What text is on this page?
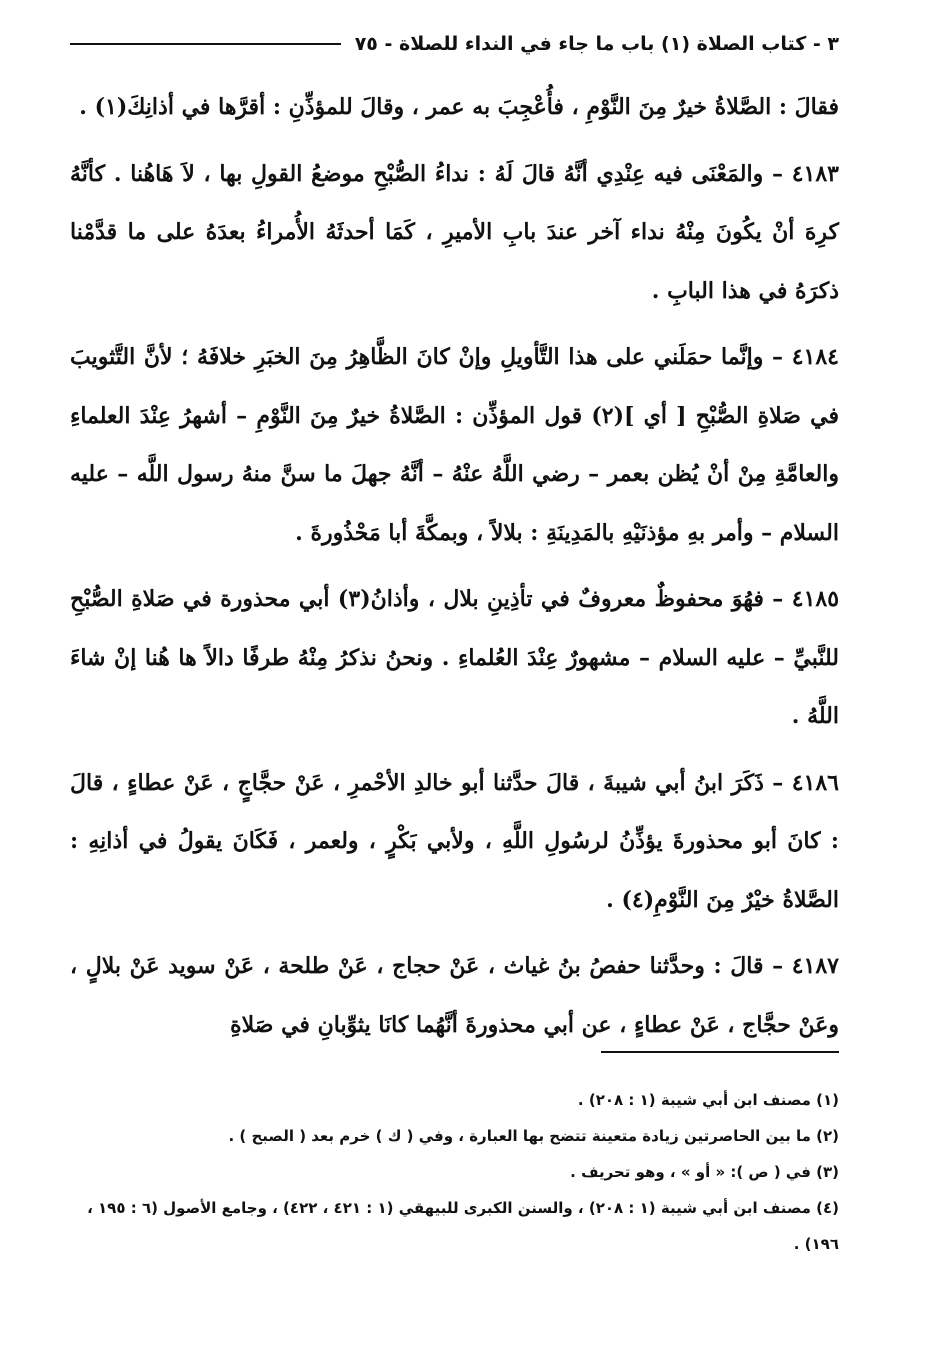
٣ - كتاب الصلاة (١) باب ما جاء في النداء للصلاة - ٧٥

فقالَ : الصَّلاةُ خيرٌ مِنَ النَّوْمِ ، فأُعْجِبَ به عمر ، وقالَ للمؤذِّنِ : أقرَّها في أذانِكَ(١) .

٤١٨٣ – والمَعْنَى فيه عِنْدِي أنَّهُ قالَ لَهُ : نداءُ الصُّبْحِ موضعُ القولِ بها ، لاَ هَاهُنا . كأنَّهُ كرِهَ أنْ يكُونَ مِنْهُ نداء آخر عندَ بابِ الأميرِ ، كَمَا أحدثَهُ الأُمراءُ بعدَهُ على ما قدَّمْنا ذكرَهُ في هذا البابِ .

٤١٨٤ – وإنَّما حمَلَني على هذا التَّأويلِ وإنْ كانَ الظَّاهِرُ مِنَ الخبَرِ خلافَهُ ؛ لأنَّ التَّثويبَ في صَلاةِ الصُّبْحِ [ أي ](٢) قول المؤذِّن : الصَّلاةُ خيرٌ مِنَ النَّوْمِ – أشهرُ عِنْدَ العلماءِ والعامَّةِ مِنْ أنْ يُظن بعمر – رضي اللَّهُ عنْهُ – أنَّهُ جهلَ ما سنَّ منهُ رسول اللَّه – عليه السلام – وأمر بهِ مؤذنَيْهِ بالمَدِينَةِ : بلالاً ، وبمكَّةَ أبا مَحْذُورةَ .

٤١٨٥ – فهُوَ محفوظٌ معروفٌ في تأذِينِ بلال ، وأذانُ(٣) أبي محذورة في صَلاةِ الصُّبْحِ للنَّبيِّ – عليه السلام – مشهورٌ عِنْدَ العُلماءِ . ونحنُ نذكرُ مِنْهُ طرفًا دالاً ها هُنا إنْ شاءَ اللَّهُ .

٤١٨٦ – ذَكَرَ ابنُ أبي شيبةَ ، قالَ حدَّثنا أبو خالدِ الأحْمرِ ، عَنْ حجَّاجٍ ، عَنْ عطاءٍ ، قالَ : كانَ أبو محذورةَ يؤذِّنُ لرسُولِ اللَّهِ ، ولأبي بَكْرٍ ، ولعمر ، فَكَانَ يقولُ في أذانِهِ : الصَّلاةُ خيْرٌ مِنَ النَّوْمِ(٤) .

٤١٨٧ – قالَ : وحدَّثنا حفصُ بنُ غياث ، عَنْ حجاج ، عَنْ طلحة ، عَنْ سويد عَنْ بلالٍ ، وعَنْ حجَّاج ، عَنْ عطاءٍ ، عن أبي محذورةَ أنَّهُما كانَا يثوِّبانِ في صَلاةِ

(١) مصنف ابن أبي شيبة (١ : ٢٠٨) .

(٢) ما بين الحاصرتين زيادة متعينة تتضح بها العبارة ، وفي ( ك ) خرم بعد ( الصبح ) .

(٣) في ( ص ): « أو » ، وهو تحريف .

(٤) مصنف ابن أبي شيبة (١ : ٢٠٨) ، والسنن الكبرى للبيهقي (١ : ٤٢١ ، ٤٢٢) ، وجامع الأصول (٦ : ١٩٥ ، ١٩٦) .
